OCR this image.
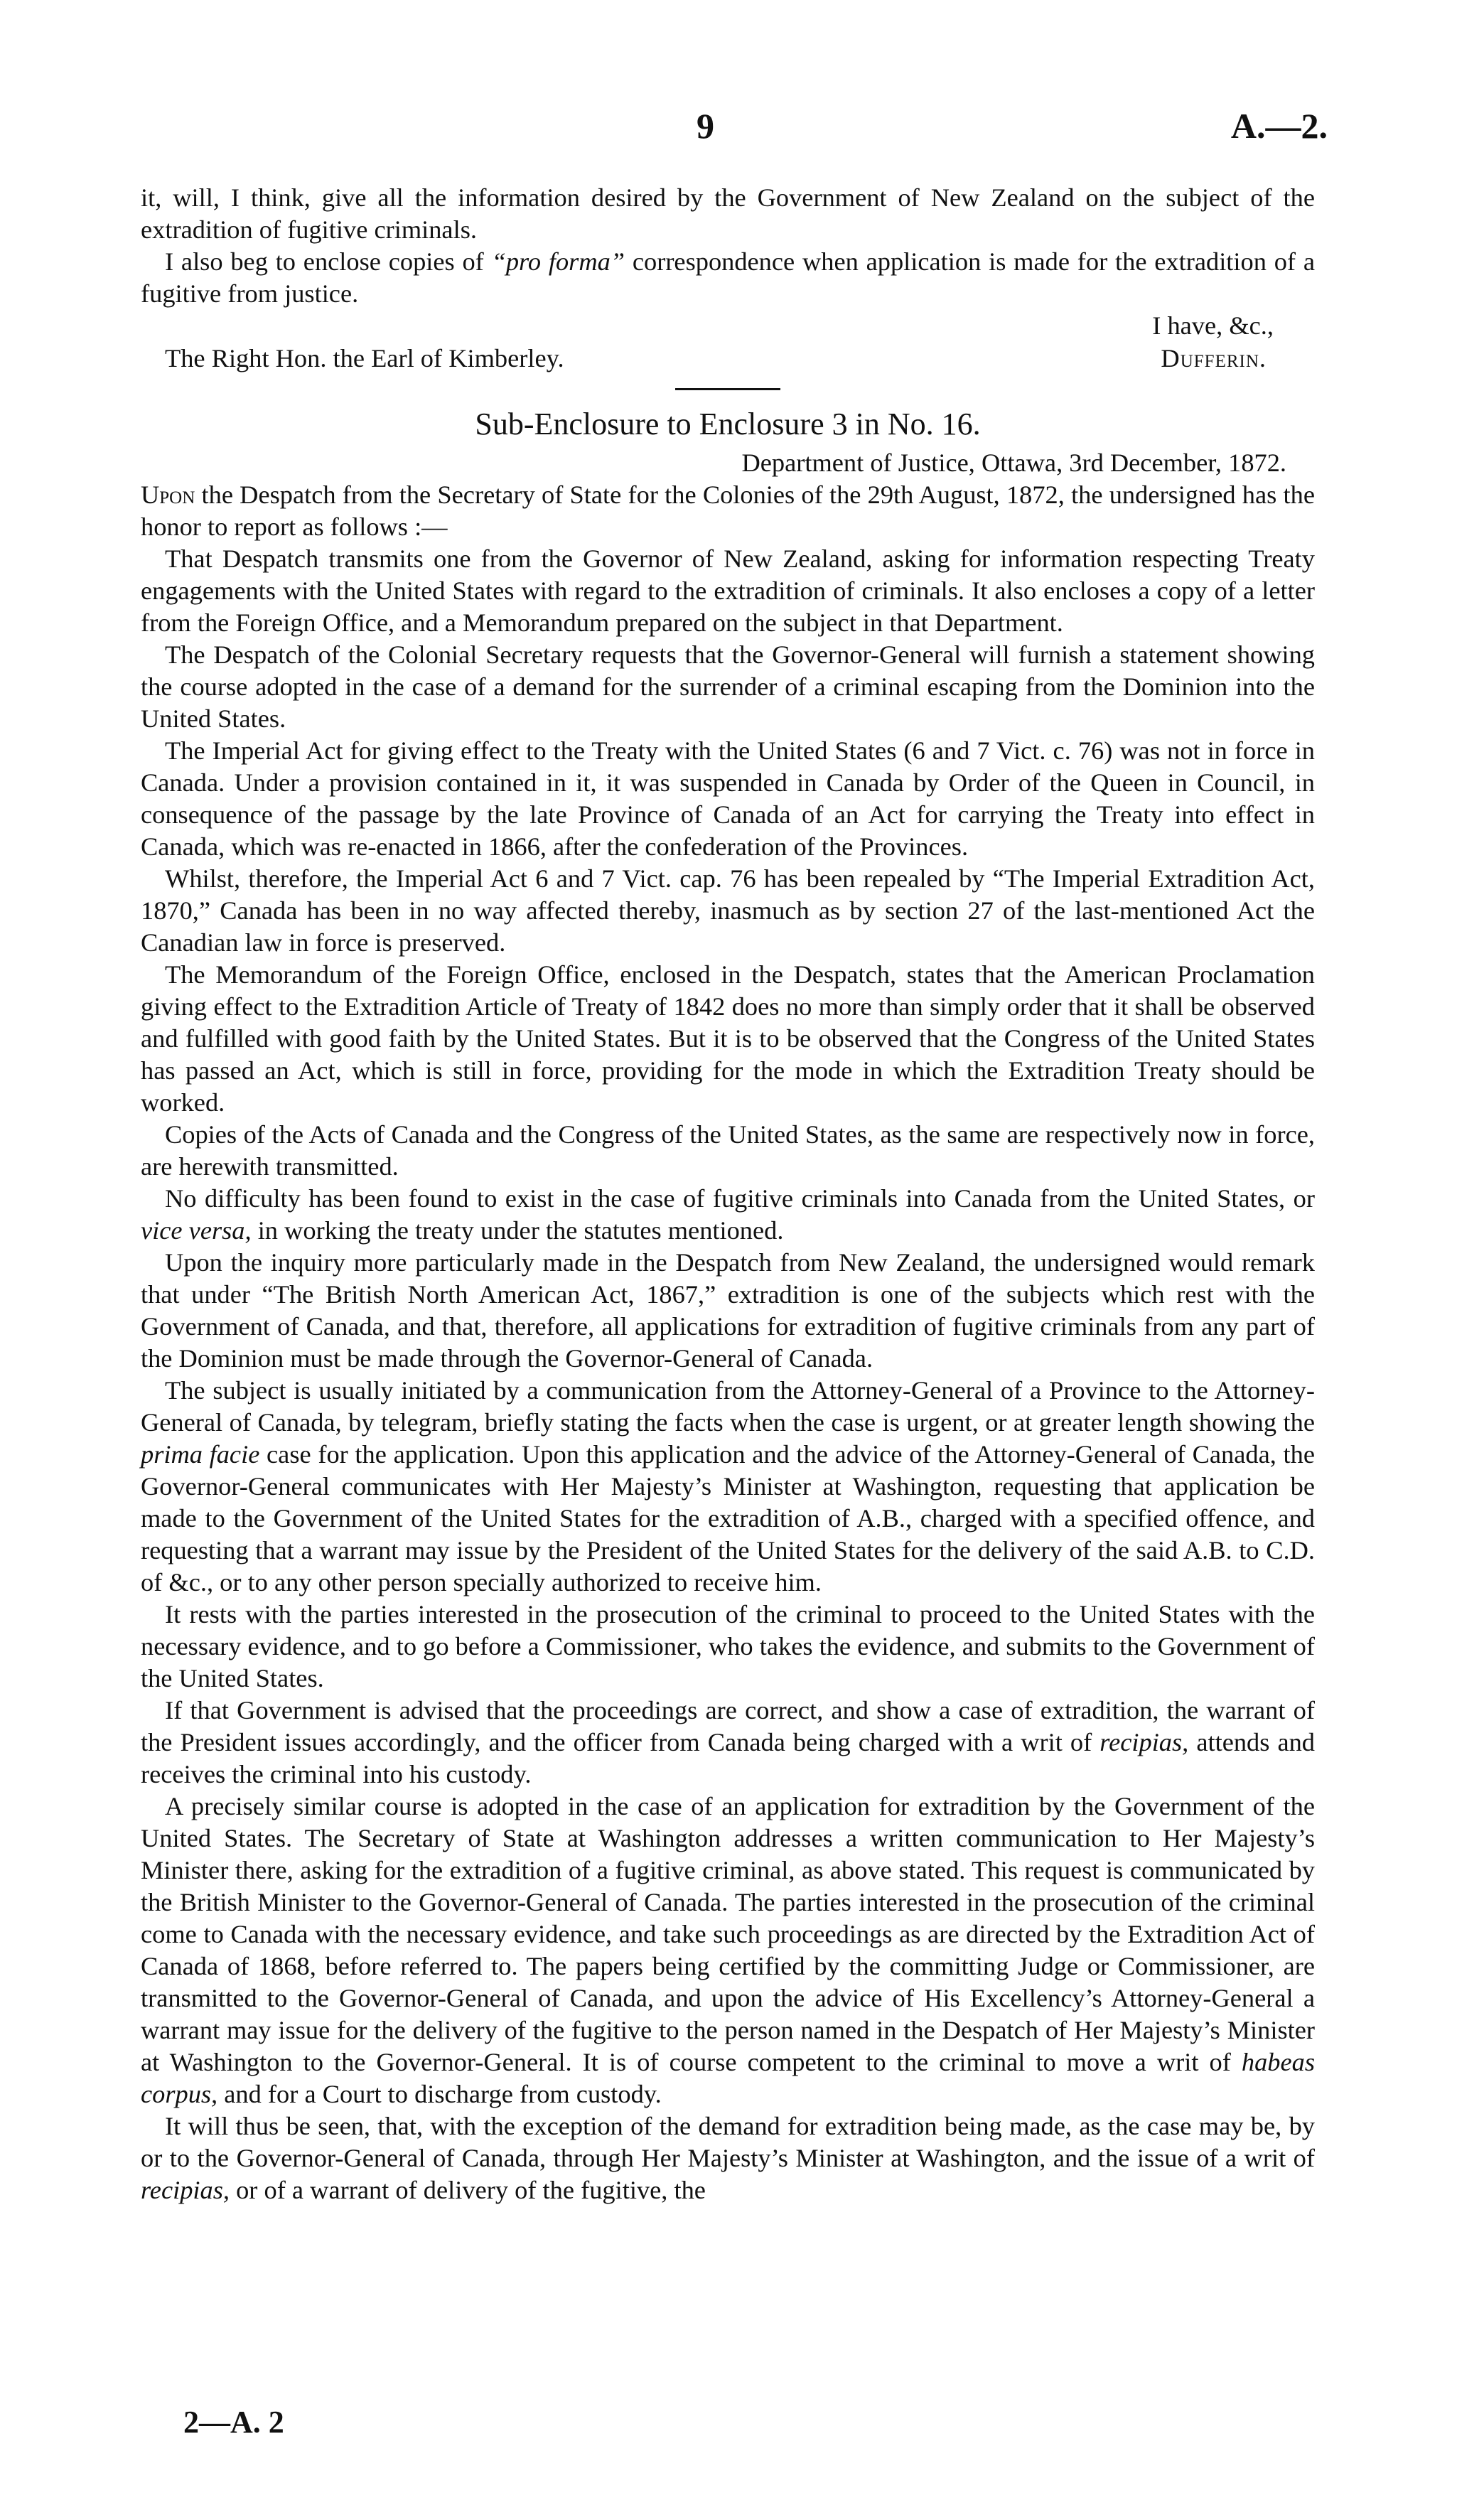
9	A.—2.

it, will, I think, give all the information desired by the Government of New Zealand on the subject of the extradition of fugitive criminals.

I also beg to enclose copies of “pro forma” correspondence when application is made for the extradition of a fugitive from justice.

I have, &c.,
The Right Hon. the Earl of Kimberley.	Dufferin.
Sub-Enclosure to Enclosure 3 in No. 16.
Department of Justice, Ottawa, 3rd December, 1872.

Upon the Despatch from the Secretary of State for the Colonies of the 29th August, 1872, the undersigned has the honor to report as follows :—

That Despatch transmits one from the Governor of New Zealand, asking for information respecting Treaty engagements with the United States with regard to the extradition of criminals. It also encloses a copy of a letter from the Foreign Office, and a Memorandum prepared on the subject in that Department.

The Despatch of the Colonial Secretary requests that the Governor-General will furnish a statement showing the course adopted in the case of a demand for the surrender of a criminal escaping from the Dominion into the United States.

The Imperial Act for giving effect to the Treaty with the United States (6 and 7 Vict. c. 76) was not in force in Canada. Under a provision contained in it, it was suspended in Canada by Order of the Queen in Council, in consequence of the passage by the late Province of Canada of an Act for carrying the Treaty into effect in Canada, which was re-enacted in 1866, after the confederation of the Provinces.

Whilst, therefore, the Imperial Act 6 and 7 Vict. cap. 76 has been repealed by “The Imperial Extradition Act, 1870,” Canada has been in no way affected thereby, inasmuch as by section 27 of the last-mentioned Act the Canadian law in force is preserved.

The Memorandum of the Foreign Office, enclosed in the Despatch, states that the American Proclamation giving effect to the Extradition Article of Treaty of 1842 does no more than simply order that it shall be observed and fulfilled with good faith by the United States. But it is to be observed that the Congress of the United States has passed an Act, which is still in force, providing for the mode in which the Extradition Treaty should be worked.

Copies of the Acts of Canada and the Congress of the United States, as the same are respectively now in force, are herewith transmitted.

No difficulty has been found to exist in the case of fugitive criminals into Canada from the United States, or vice versa, in working the treaty under the statutes mentioned.

Upon the inquiry more particularly made in the Despatch from New Zealand, the undersigned would remark that under “The British North American Act, 1867,” extradition is one of the subjects which rest with the Government of Canada, and that, therefore, all applications for extradition of fugitive criminals from any part of the Dominion must be made through the Governor-General of Canada.

The subject is usually initiated by a communication from the Attorney-General of a Province to the Attorney-General of Canada, by telegram, briefly stating the facts when the case is urgent, or at greater length showing the prima facie case for the application. Upon this application and the advice of the Attorney-General of Canada, the Governor-General communicates with Her Majesty’s Minister at Washington, requesting that application be made to the Government of the United States for the extradition of A.B., charged with a specified offence, and requesting that a warrant may issue by the President of the United States for the delivery of the said A.B. to C.D. of &c., or to any other person specially authorized to receive him.

It rests with the parties interested in the prosecution of the criminal to proceed to the United States with the necessary evidence, and to go before a Commissioner, who takes the evidence, and submits to the Government of the United States.

If that Government is advised that the proceedings are correct, and show a case of extradition, the warrant of the President issues accordingly, and the officer from Canada being charged with a writ of recipias, attends and receives the criminal into his custody.

A precisely similar course is adopted in the case of an application for extradition by the Government of the United States. The Secretary of State at Washington addresses a written communication to Her Majesty’s Minister there, asking for the extradition of a fugitive criminal, as above stated. This request is communicated by the British Minister to the Governor-General of Canada. The parties interested in the prosecution of the criminal come to Canada with the necessary evidence, and take such proceedings as are directed by the Extradition Act of Canada of 1868, before referred to. The papers being certified by the committing Judge or Commissioner, are transmitted to the Governor-General of Canada, and upon the advice of His Excellency’s Attorney-General a warrant may issue for the delivery of the fugitive to the person named in the Despatch of Her Majesty’s Minister at Washington to the Governor-General. It is of course competent to the criminal to move a writ of habeas corpus, and for a Court to discharge from custody.

It will thus be seen, that, with the exception of the demand for extradition being made, as the case may be, by or to the Governor-General of Canada, through Her Majesty’s Minister at Washington, and the issue of a writ of recipias, or of a warrant of delivery of the fugitive, the

2—A. 2
